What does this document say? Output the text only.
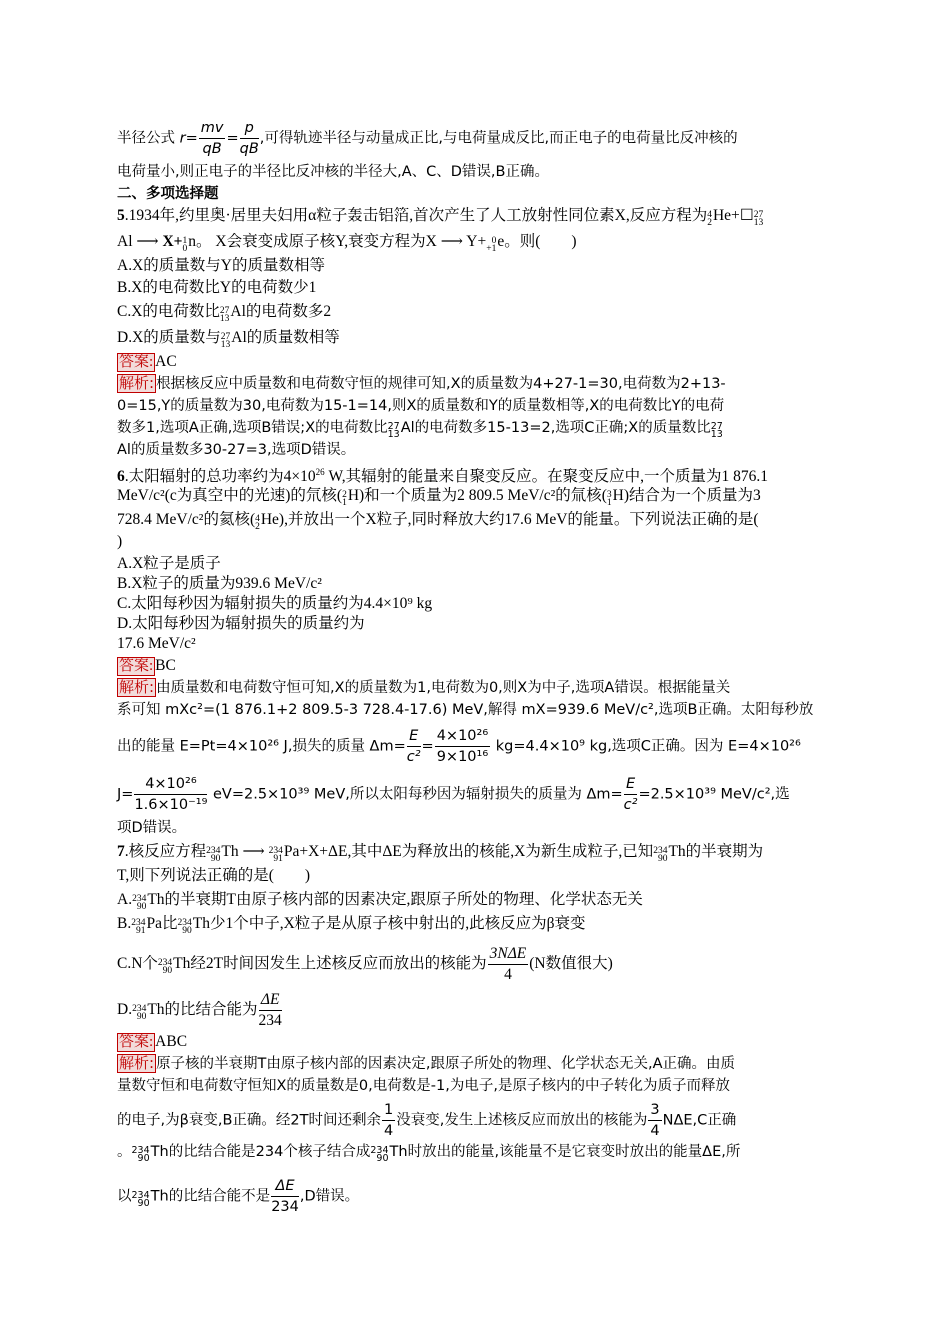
半径公式 $r= \frac{mv}{qB} = \frac{p}{qB}$ ,可得轨迹半径与动量成正比,与电荷量成反比,而正电子的电荷量比反冲核的
电荷量小,则正电子的半径比反冲核的半径大,A、C、D错误,B正确。
二、多项选择题
5.1934年,约里奥·居里夫妇用α粒子轰击铝箔,首次产生了人工放射性同位素X,反应方程为 4
2 He+☐ 27
13
Al ⟶ X+ 1
0 n。 X会衰变成原子核Y,衰变方程为X ⟶ Y+ 0
+1 e。则(　　)
A.X的质量数与Y的质量数相等
B.X的电荷数比Y的电荷数少1
C.X的电荷数比 27
13 Al的电荷数多2
D.X的质量数与 27
13 Al的质量数相等
答案: AC
解析: 根据核反应中质量数和电荷数守恒的规律可知,X的质量数为4+27-1=30,电荷数为2+13-
0=15,Y的质量数为30,电荷数为15-1=14,则X的质量数和Y的质量数相等,X的电荷数比Y的电荷
数多1,选项A正确,选项B错误;X的电荷数比 27
13 Al的电荷数多15-13=2,选项C正确;X的质量数比 27
13
Al的质量数多30-27=3,选项D错误。
6.太阳辐射的总功率约为$4\times 10^{26}$ W,其辐射的能量来自聚变反应。在聚变反应中,一个质量为1 876.1
MeV/c²(c为真空中的光速)的氘核( 2
1 H)和一个质量为2 809.5 MeV/c²的氚核( 3
1 H)结合为一个质量为3
728.4 MeV/c²的氦核( 4
2 He),并放出一个X粒子,同时释放大约17.6 MeV的能量。下列说法正确的是(
)
A.X粒子是质子
B.X粒子的质量为939.6 MeV/c²
C.太阳每秒因为辐射损失的质量约为4.4×10⁹ kg
D.太阳每秒因为辐射损失的质量约为
17.6 MeV/c²
答案: BC
解析: 由质量数和电荷数守恒可知,X的质量数为1,电荷数为0,则X为中子,选项A错误。根据能量关
系可知 mXc²=(1 876.1+2 809.5-3 728.4-17.6) MeV,解得 mX=939.6 MeV/c²,选项B正确。太阳每秒放
出的能量 E=Pt=4×10²⁶ J,损失的质量 $\Delta m= \frac{E}{\text{c²}} = \frac{\text{4×10²⁶}}{\text{9×10¹⁶}} kg=4.4\times 10^9$ kg,选项C正确。因为 E=4×10²⁶
$J= \frac{\text{4×10²⁶}}{\text{1.6×10⁻¹⁹}} eV=2.5\times 10^{39}$ MeV,所以太阳每秒因为辐射损失的质量为 $\Delta m= \frac{E}{\text{c²}} =2.5\times 10^{39}$ MeV/c²,选
项D错误。
7.核反应方程 234
90 Th ⟶ 234
91 Pa+X+ΔE,其中ΔE为释放出的核能,X为新生成粒子,已知 234
90 Th的半衰期为
T,则下列说法正确的是(　　)
A. 234
90 Th的半衰期T由原子核内部的因素决定,跟原子所处的物理、化学状态无关
B. 234
91 Pa比 234
90 Th少1个中子,X粒子是从原子核中射出的,此核反应为β衰变
C.N个 234
90 Th经2T时间因发生上述核反应而放出的核能为 $\frac{\text{3NΔE}}{4} (N$数值很大)
D. 234
90 Th的比结合能为 $\frac{\Delta E}{234}$
答案: ABC
解析: 原子核的半衰期T由原子核内部的因素决定,跟原子所处的物理、化学状态无关,A正确。由质
量数守恒和电荷数守恒知X的质量数是0,电荷数是-1,为电子,是原子核内的中子转化为质子而释放
的电子,为β衰变,B正确。经2T时间还剩余 $\frac{1}{4}$ 没衰变,发生上述核反应而放出的核能为 $\frac{3}{4} N\Delta E,C$正确
。 234
90 Th的比结合能是234个核子结合成 234
90 Th时放出的能量,该能量不是它衰变时放出的能量ΔE,所
以 234
90 Th的比结合能不是 $\frac{\Delta E}{234} ,D$错误。
